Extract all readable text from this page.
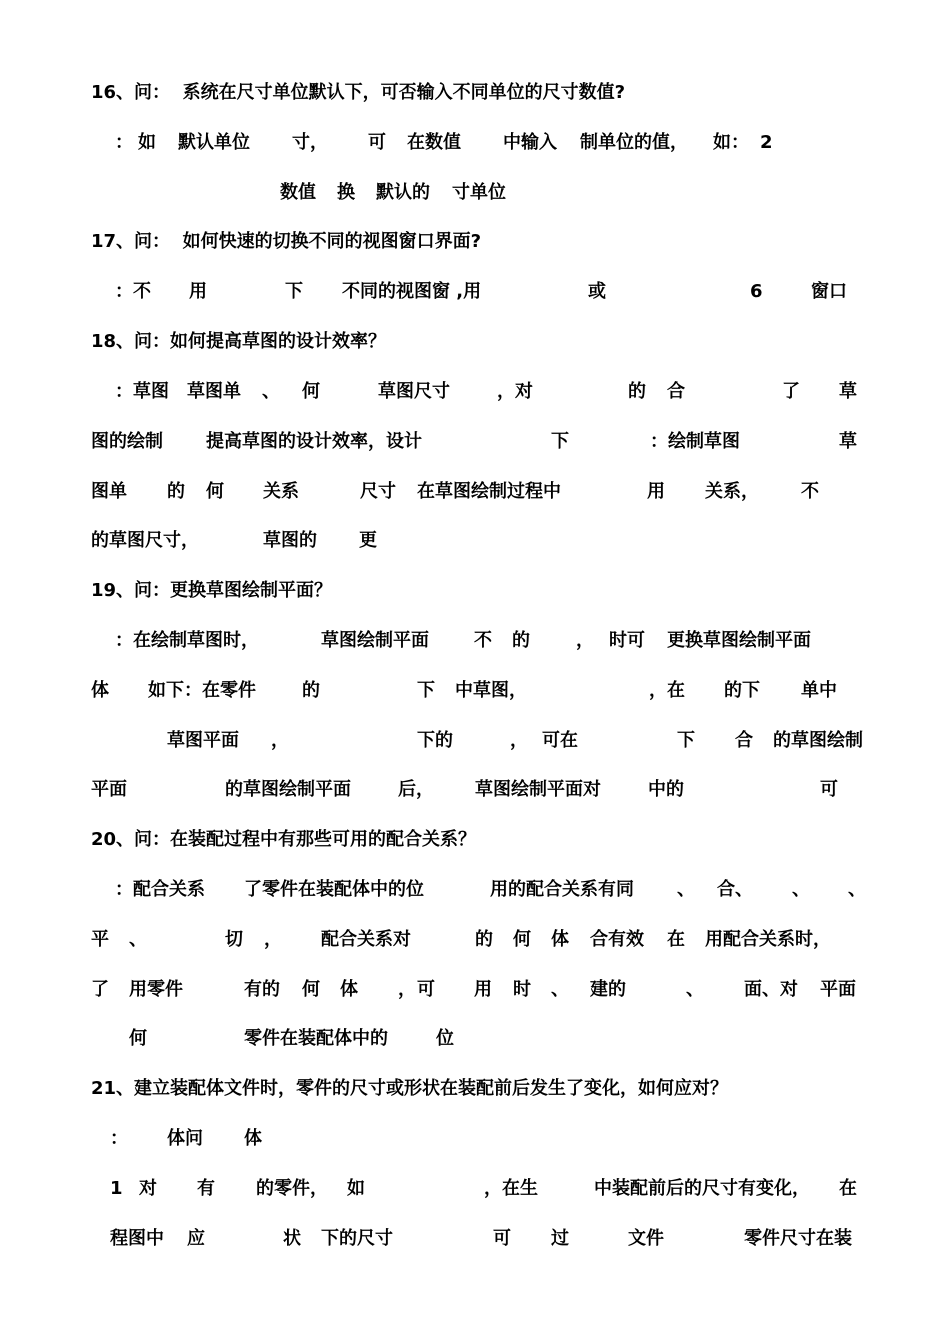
16、问：  系统在尺寸单位默认下，可否输入不同单位的尺寸数值?
： 如 默认单位 寸， 可 在数值 中输入 制单位的值， 如： 2
数值 换 默认的 寸单位
17、问：  如何快速的切换不同的视图窗口界面?
：不 用	下 不同的视图窗 ,用	或	6	窗口
18、问：如何提高草图的设计效率？
：草图 草图单 、 何	草图尺寸	，对	的 合	了 草
图的绘制 提高草图的设计效率，设计	下	：绘制草图	草
图单 的 何 关系	尺寸 在草图绘制过程中	用 关系， 不
的草图尺寸，	草图的 更
19、问：更换草图绘制平面？
：在绘制草图时，	草图绘制平面	不 的	， 时可 更换草图绘制平面
体 如下：在零件	的	下 中草图，	，在 的下 单中
草图平面 ，	下的	， 可在	下 合 的草图绘制
平面	的草图绘制平面	后， 草图绘制平面对	中的	可
20、问：在装配过程中有那些可用的配合关系？
：配合关系 了零件在装配体中的位	用的配合关系有同 、 合、 、 、
平 、	切 ， 配合关系对	的 何 体 合有效 在 用配合关系时，
了 用零件	有的 何 体 ， 可 用 时 、 建的	、 面、对 平面
何	零件在装配体中的	位
21、建立装配体文件时，零件的尺寸或形状在装配前后发生了变化，如何应对？
： 体问 体
1 对 有 的零件， 如	，在生	中装配前后的尺寸有变化， 在
程图中 应	状 下的尺寸	可 过	文件	零件尺寸在装
